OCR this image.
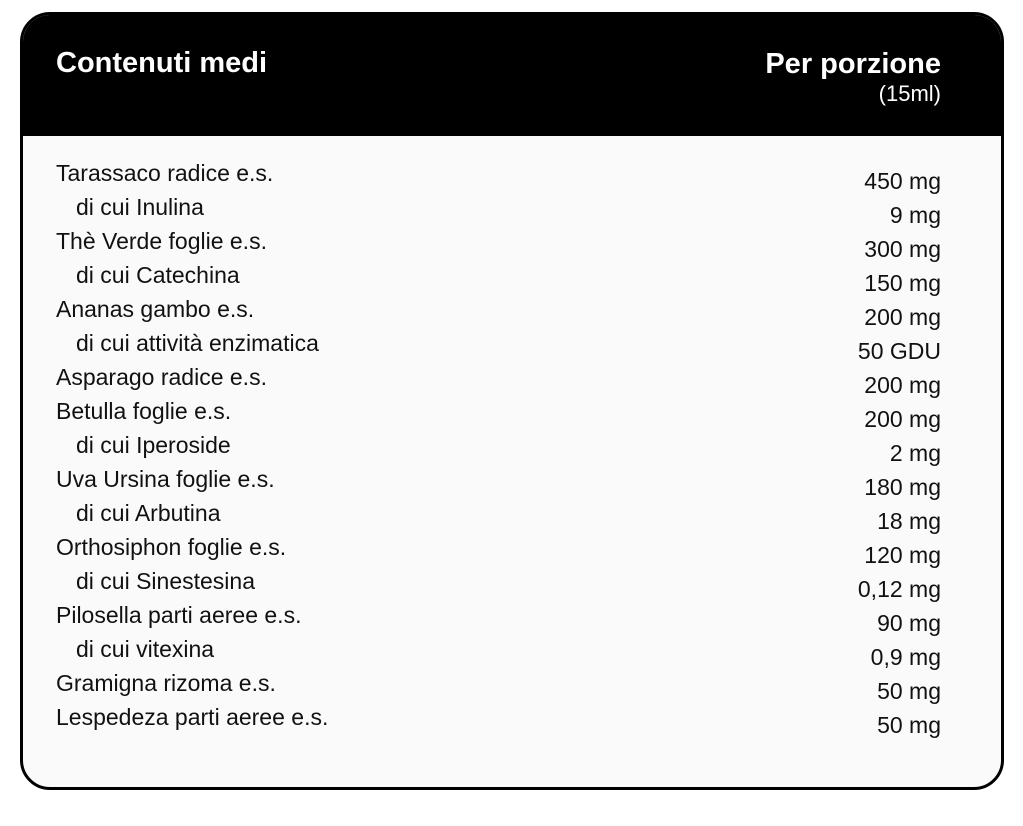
Contenuti medi	Per porzione
(15ml)
Tarassaco radice e.s.	450 mg
di cui Inulina	9 mg
Thè Verde foglie e.s.	300 mg
di cui Catechina	150 mg
Ananas gambo e.s.	200 mg
di cui attività enzimatica	50 GDU
Asparago radice e.s.	200 mg
Betulla foglie e.s.	200 mg
di cui Iperoside	2 mg
Uva Ursina foglie e.s.	180 mg
di cui Arbutina	18 mg
Orthosiphon foglie e.s.	120 mg
di cui Sinestesina	0,12 mg
Pilosella parti aeree e.s.	90 mg
di cui vitexina	0,9 mg
Gramigna rizoma e.s.	50 mg
Lespedeza parti aeree e.s.	50 mg
